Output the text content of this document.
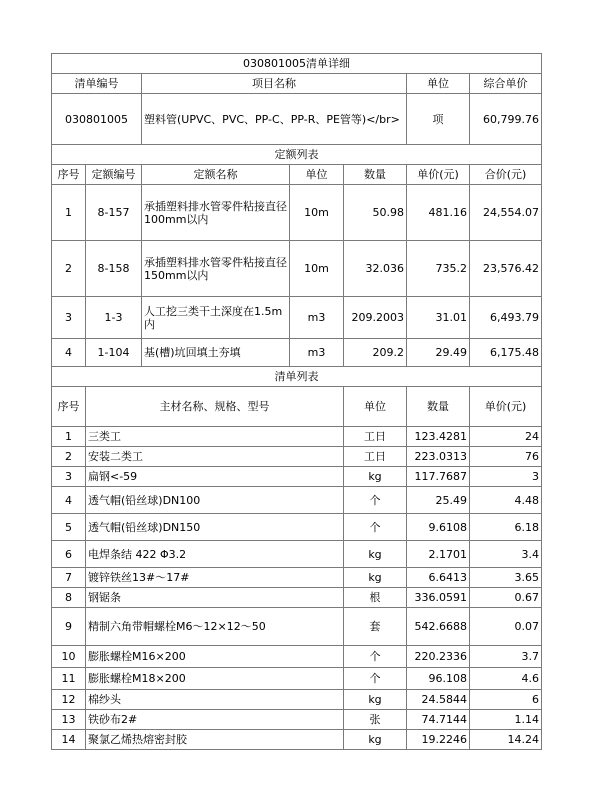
030801005清单详细							
清单编号		项目名称			单位	综合单价	
030801005		塑料管(UPVC、PVC、PP-C、PP-R、PE管等)</br>			项	60,799.76	
定额列表							
序号	定额编号	定额名称	单位	数量	单价(元)	合价(元)	
1	8-157	承插塑料排水管零件粘接直径100mm以内	10m	50.98	481.16	24,554.07	
2	8-158	承插塑料排水管零件粘接直径150mm以内	10m	32.036	735.2	23,576.42	
3	1-3	人工挖三类干土深度在1.5m内	m3	209.2003	31.01	6,493.79	
4	1-104	基(槽)坑回填土夯填	m3	209.2	29.49	6,175.48	
清单列表							
序号	主材名称、规格、型号			单位	数量	单价(元)	
1	三类工			工日	123.4281	24	
2	安装二类工			工日	223.0313	76	
3	扁钢<-59			kg	117.7687	3	
4	透气帽(铅丝球)DN100			个	25.49	4.48	
5	透气帽(铅丝球)DN150			个	9.6108	6.18	
6	电焊条结 422 Φ3.2			kg	2.1701	3.4	
7	镀锌铁丝13#～17#			kg	6.6413	3.65	
8	钢锯条			根	336.0591	0.67	
9	精制六角带帽螺栓M6～12×12～50			套	542.6688	0.07	
10	膨胀螺栓M16×200			个	220.2336	3.7	
11	膨胀螺栓M18×200			个	96.108	4.6	
12	棉纱头			kg	24.5844	6	
13	铁砂布2#			张	74.7144	1.14	
14	聚氯乙烯热熔密封胶			kg	19.2246	14.24	
